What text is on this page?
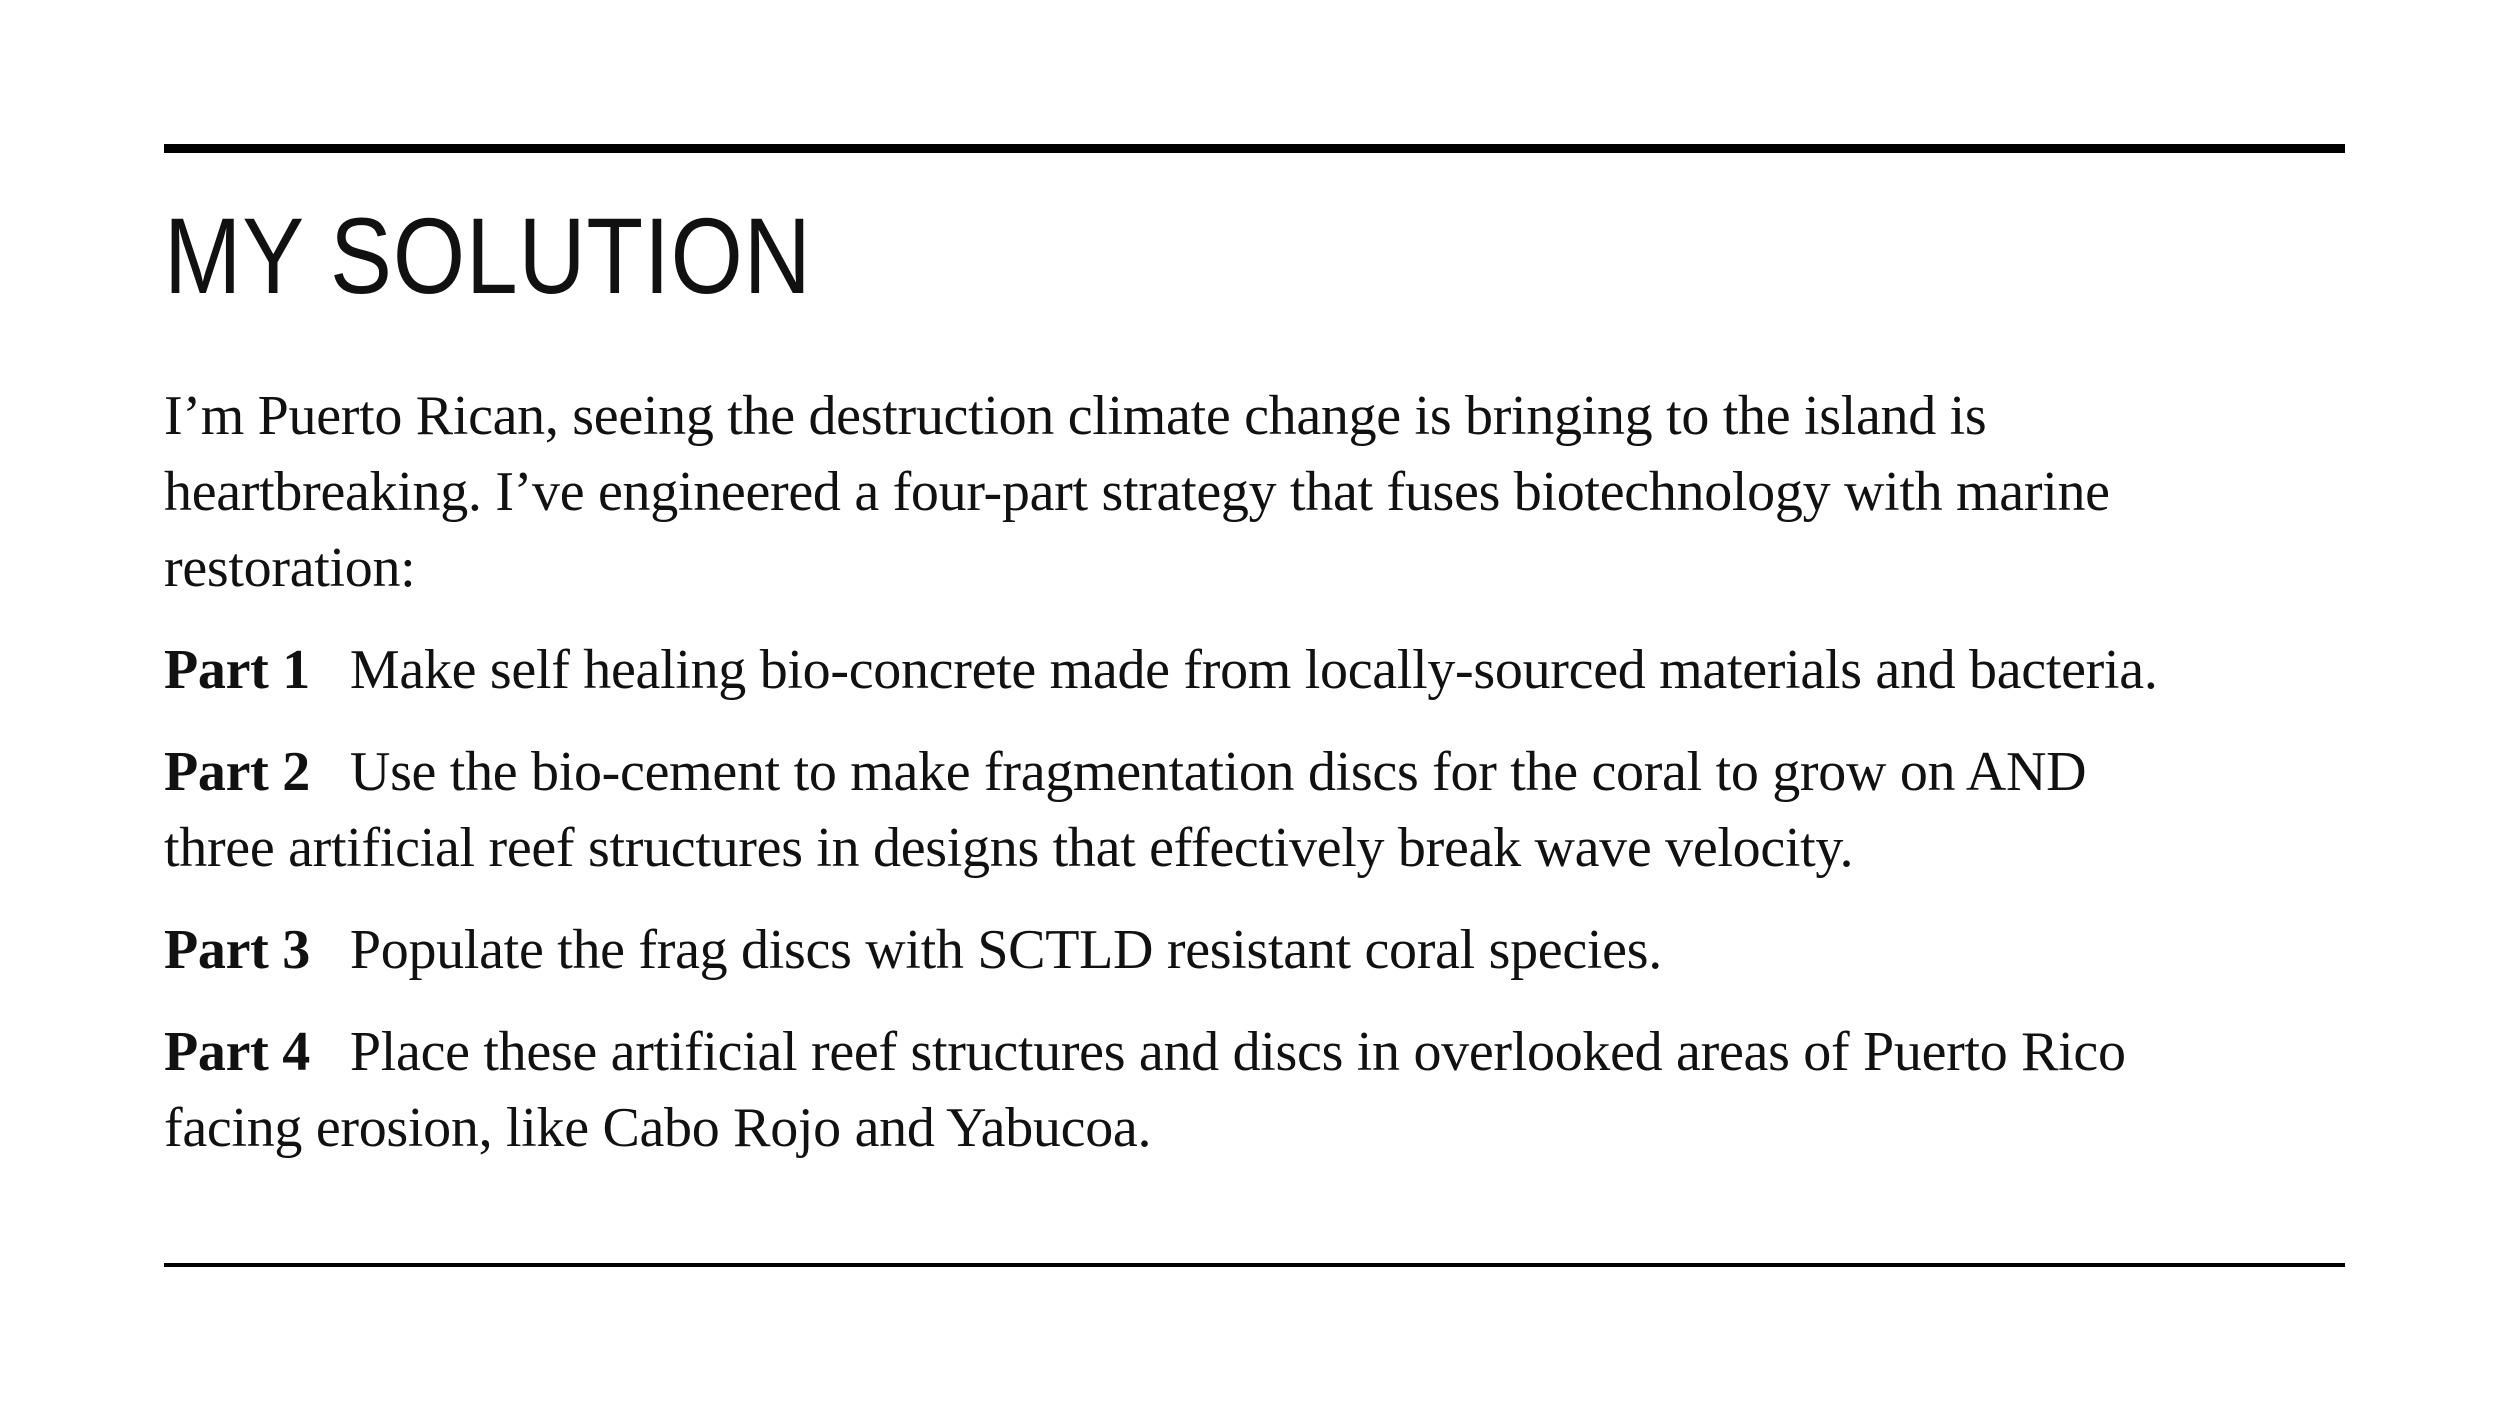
MY SOLUTION

I’m Puerto Rican, seeing the destruction climate change is bringing to the island is
heartbreaking. I’ve engineered a four-part strategy that fuses biotechnology with marine
restoration:

Part 1 Make self healing bio-concrete made from locally-sourced materials and bacteria.

Part 2 Use the bio-cement to make fragmentation discs for the coral to grow on AND
three artificial reef structures in designs that effectively break wave velocity.

Part 3 Populate the frag discs with SCTLD resistant coral species.

Part 4 Place these artificial reef structures and discs in overlooked areas of Puerto Rico
facing erosion, like Cabo Rojo and Yabucoa.
